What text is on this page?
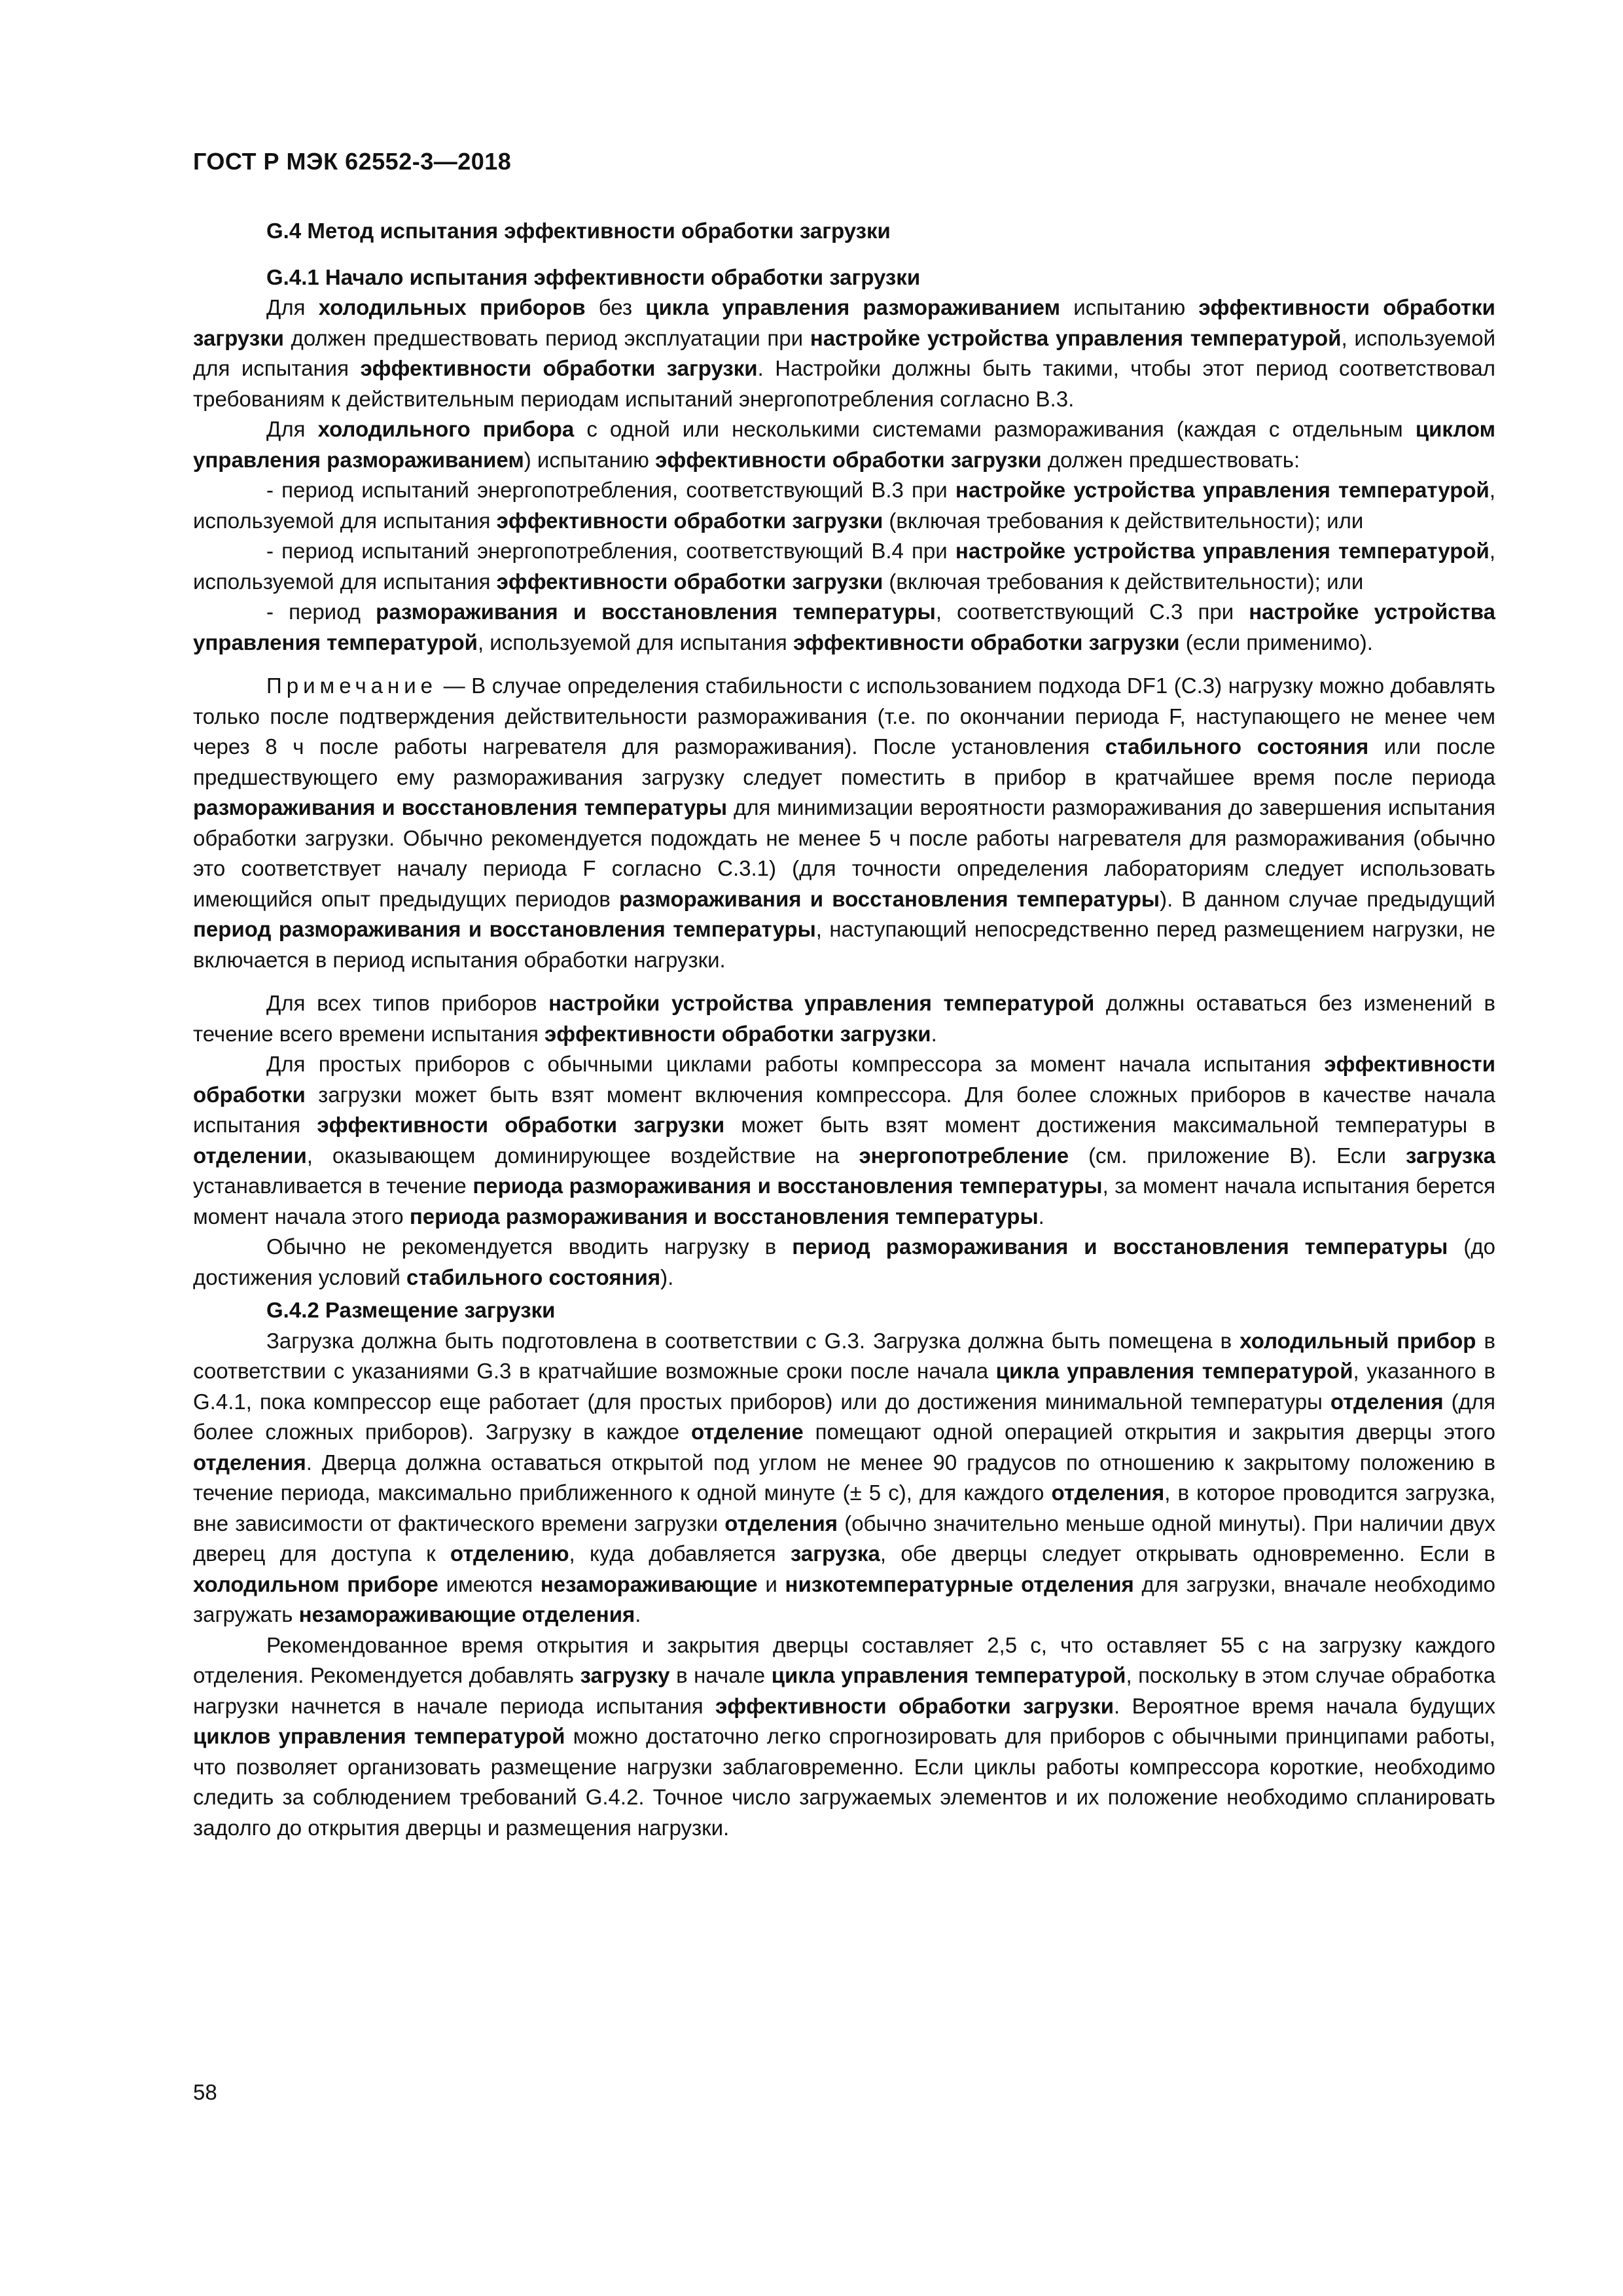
ГОСТ Р МЭК 62552-3—2018
G.4 Метод испытания эффективности обработки загрузки
G.4.1 Начало испытания эффективности обработки загрузки

Для холодильных приборов без цикла управления размораживанием испытанию эффективности обработки загрузки должен предшествовать период эксплуатации при настройке устройства управления температурой, используемой для испытания эффективности обработки загрузки. Настройки должны быть такими, чтобы этот период соответствовал требованиям к действительным периодам испытаний энергопотребления согласно В.3.

Для холодильного прибора с одной или несколькими системами размораживания (каждая с отдельным циклом управления размораживанием) испытанию эффективности обработки загрузки должен предшествовать:

- период испытаний энергопотребления, соответствующий В.3 при настройке устройства управления температурой, используемой для испытания эффективности обработки загрузки (включая требования к действительности); или

- период испытаний энергопотребления, соответствующий В.4 при настройке устройства управления температурой, используемой для испытания эффективности обработки загрузки (включая требования к действительности); или

- период размораживания и восстановления температуры, соответствующий С.3 при настройке устройства управления температурой, используемой для испытания эффективности обработки загрузки (если применимо).

Примечание — В случае определения стабильности с использованием подхода DF1 (С.3) нагрузку можно добавлять только после подтверждения действительности размораживания (т.е. по окончании периода F, наступающего не менее чем через 8 ч после работы нагревателя для размораживания). После установления стабильного состояния или после предшествующего ему размораживания загрузку следует поместить в прибор в кратчайшее время после периода размораживания и восстановления температуры для минимизации вероятности размораживания до завершения испытания обработки загрузки. Обычно рекомендуется подождать не менее 5 ч после работы нагревателя для размораживания (обычно это соответствует началу периода F согласно С.3.1) (для точности определения лабораториям следует использовать имеющийся опыт предыдущих периодов размораживания и восстановления температуры). В данном случае предыдущий период размораживания и восстановления температуры, наступающий непосредственно перед размещением нагрузки, не включается в период испытания обработки нагрузки.

Для всех типов приборов настройки устройства управления температурой должны оставаться без изменений в течение всего времени испытания эффективности обработки загрузки.

Для простых приборов с обычными циклами работы компрессора за момент начала испытания эффективности обработки загрузки может быть взят момент включения компрессора. Для более сложных приборов в качестве начала испытания эффективности обработки загрузки может быть взят момент достижения максимальной температуры в отделении, оказывающем доминирующее воздействие на энергопотребление (см. приложение В). Если загрузка устанавливается в течение периода размораживания и восстановления температуры, за момент начала испытания берется момент начала этого периода размораживания и восстановления температуры.

Обычно не рекомендуется вводить нагрузку в период размораживания и восстановления температуры (до достижения условий стабильного состояния).

G.4.2 Размещение загрузки

Загрузка должна быть подготовлена в соответствии с G.3. Загрузка должна быть помещена в холодильный прибор в соответствии с указаниями G.3 в кратчайшие возможные сроки после начала цикла управления температурой, указанного в G.4.1, пока компрессор еще работает (для простых приборов) или до достижения минимальной температуры отделения (для более сложных приборов). Загрузку в каждое отделение помещают одной операцией открытия и закрытия дверцы этого отделения. Дверца должна оставаться открытой под углом не менее 90 градусов по отношению к закрытому положению в течение периода, максимально приближенного к одной минуте (± 5 с), для каждого отделения, в которое проводится загрузка, вне зависимости от фактического времени загрузки отделения (обычно значительно меньше одной минуты). При наличии двух дверец для доступа к отделению, куда добавляется загрузка, обе дверцы следует открывать одновременно. Если в холодильном приборе имеются незамораживающие и низкотемпературные отделения для загрузки, вначале необходимо загружать незамораживающие отделения.

Рекомендованное время открытия и закрытия дверцы составляет 2,5 с, что оставляет 55 с на загрузку каждого отделения. Рекомендуется добавлять загрузку в начале цикла управления температурой, поскольку в этом случае обработка нагрузки начнется в начале периода испытания эффективности обработки загрузки. Вероятное время начала будущих циклов управления температурой можно достаточно легко спрогнозировать для приборов с обычными принципами работы, что позволяет организовать размещение нагрузки заблаговременно. Если циклы работы компрессора короткие, необходимо следить за соблюдением требований G.4.2. Точное число загружаемых элементов и их положение необходимо спланировать задолго до открытия дверцы и размещения нагрузки.

58
